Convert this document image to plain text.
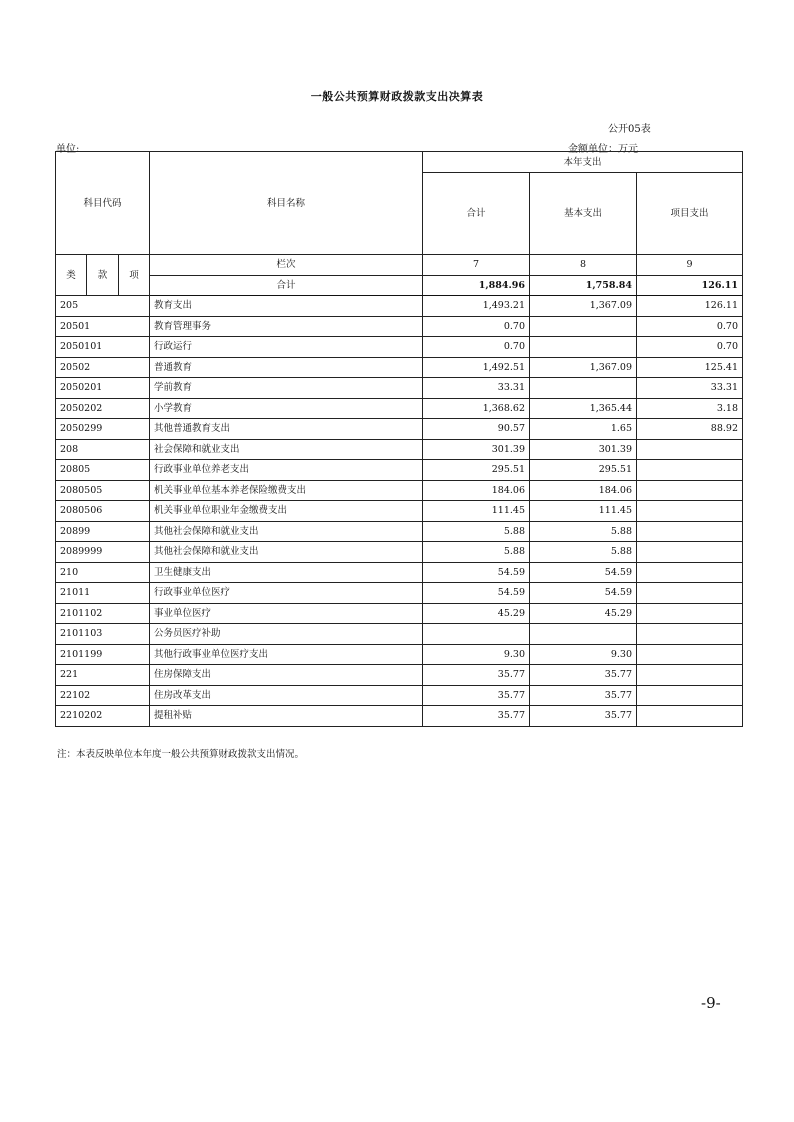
一般公共预算财政拨款支出决算表
公开05表
单位:	金额单位：万元
科目代码			科目名称	本年支出		
				合计	基本支出	项目支出
类	款	项	栏次	7	8	9
			合计	1,884.96	1,758.84	126.11
205			教育支出	1,493.21	1,367.09	126.11
20501			教育管理事务	0.70		0.70
2050101			行政运行	0.70		0.70
20502			普通教育	1,492.51	1,367.09	125.41
2050201			学前教育	33.31		33.31
2050202			小学教育	1,368.62	1,365.44	3.18
2050299			其他普通教育支出	90.57	1.65	88.92
208			社会保障和就业支出	301.39	301.39	
20805			行政事业单位养老支出	295.51	295.51	
2080505			机关事业单位基本养老保险缴费支出	184.06	184.06	
2080506			机关事业单位职业年金缴费支出	111.45	111.45	
20899			其他社会保障和就业支出	5.88	5.88	
2089999			其他社会保障和就业支出	5.88	5.88	
210			卫生健康支出	54.59	54.59	
21011			行政事业单位医疗	54.59	54.59	
2101102			事业单位医疗	45.29	45.29	
2101103			公务员医疗补助			
2101199			其他行政事业单位医疗支出	9.30	9.30	
221			住房保障支出	35.77	35.77	
22102			住房改革支出	35.77	35.77	
2210202			提租补贴	35.77	35.77	
注：本表反映单位本年度一般公共预算财政拨款支出情况。
-9-
